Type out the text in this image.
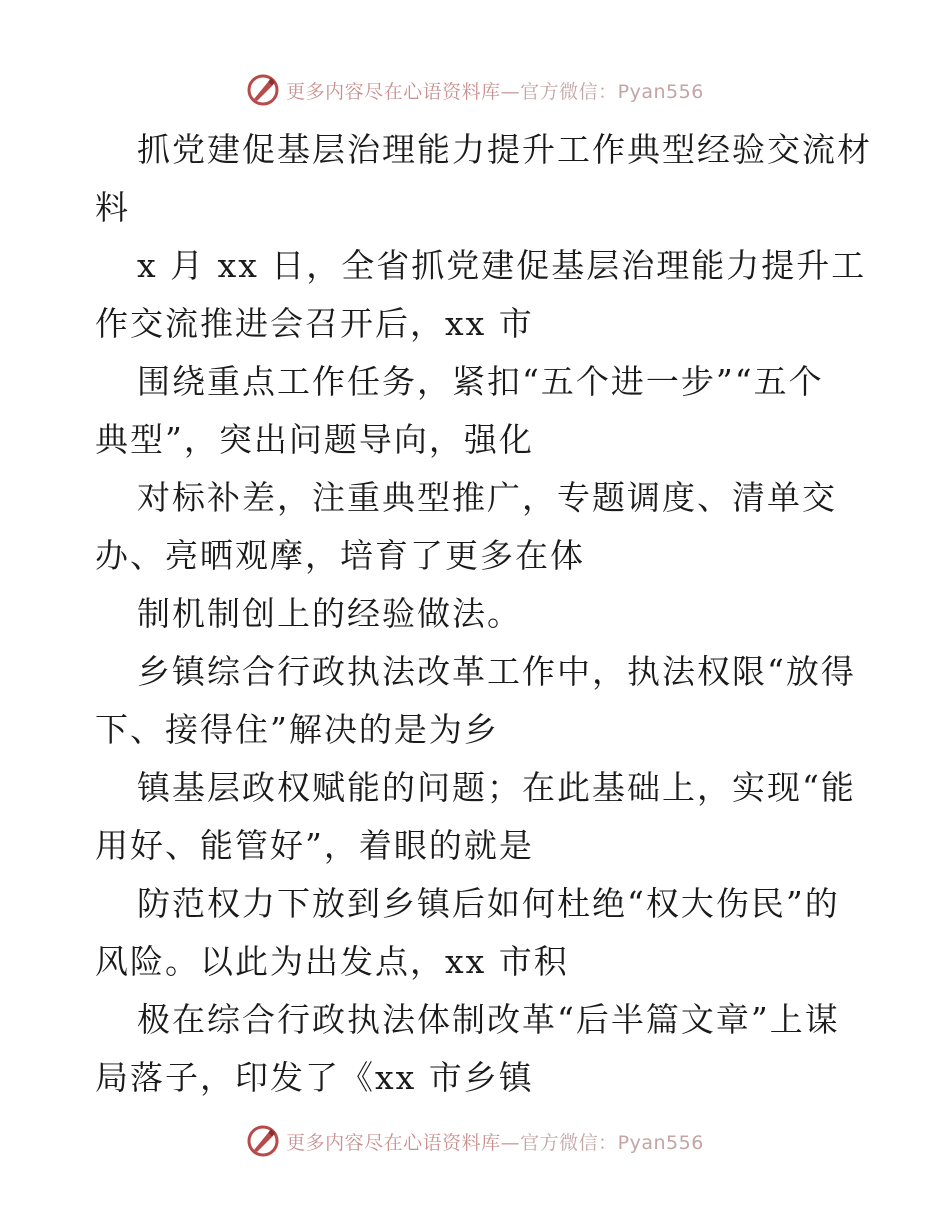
更多内容尽在心语资料库—官方微信：Pyan556
抓党建促基层治理能力提升工作典型经验交流材
料
x 月 xx 日，全省抓党建促基层治理能力提升工
作交流推进会召开后，xx 市
围绕重点工作任务，紧扣“五个进一步”“五个
典型”，突出问题导向，强化
对标补差，注重典型推广，专题调度、清单交
办、亮晒观摩，培育了更多在体
制机制创上的经验做法。
乡镇综合行政执法改革工作中，执法权限“放得
下、接得住”解决的是为乡
镇基层政权赋能的问题；在此基础上，实现“能
用好、能管好”，着眼的就是
防范权力下放到乡镇后如何杜绝“权大伤民”的
风险。以此为出发点，xx 市积
极在综合行政执法体制改革“后半篇文章”上谋
局落子，印发了《xx 市乡镇
更多内容尽在心语资料库—官方微信：Pyan556
